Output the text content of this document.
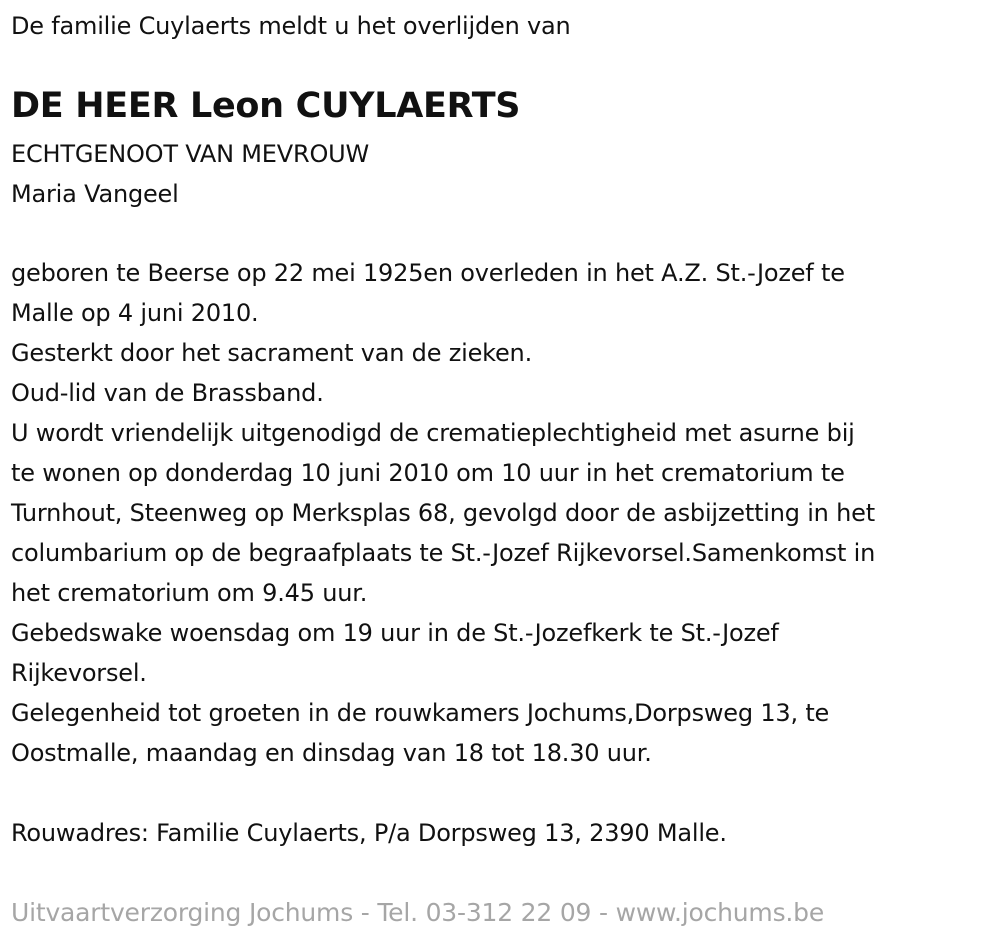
De familie Cuylaerts meldt u het overlijden van
DE HEER Leon CUYLAERTS
ECHTGENOOT VAN MEVROUW
Maria Vangeel
geboren te Beerse op 22 mei 1925en overleden in het A.Z. St.-Jozef te
Malle op 4 juni 2010.
Gesterkt door het sacrament van de zieken.
Oud-lid van de Brassband.
U wordt vriendelijk uitgenodigd de crematieplechtigheid met asurne bij
te wonen op donderdag 10 juni 2010 om 10 uur in het crematorium te
Turnhout, Steenweg op Merksplas 68, gevolgd door de asbijzetting in het
columbarium op de begraafplaats te St.-Jozef Rijkevorsel.Samenkomst in
het crematorium om 9.45 uur.
Gebedswake woensdag om 19 uur in de St.-Jozefkerk te St.-Jozef
Rijkevorsel.
Gelegenheid tot groeten in de rouwkamers Jochums,Dorpsweg 13, te
Oostmalle, maandag en dinsdag van 18 tot 18.30 uur.
Rouwadres: Familie Cuylaerts, P/a Dorpsweg 13, 2390 Malle.
Uitvaartverzorging Jochums - Tel. 03-312 22 09 - www.jochums.be
